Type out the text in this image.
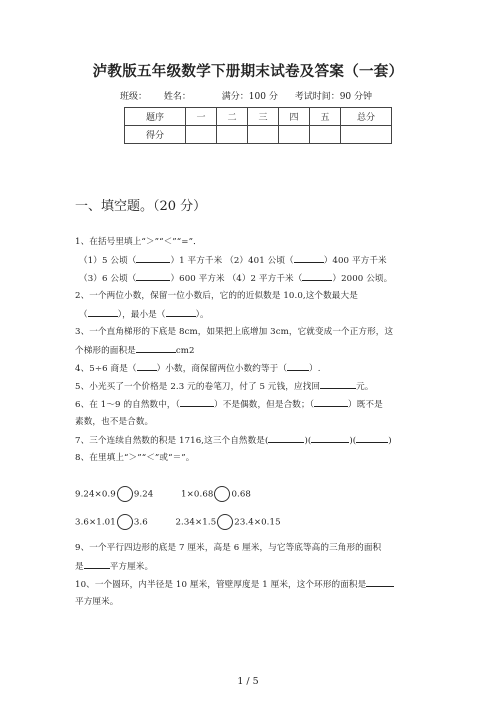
泸教版五年级数学下册期末试卷及答案（一套）
班级： 姓名：	满分：100 分 考试时间：90 分钟
题序	一	二	三	四	五	总分
得分						
一、填空题。（20 分）
1、在括号里填上“＞”“＜”“=”．
（1）5 公顷（	）1 平方千米 （2）401 公顷（	）400 平方千米
（3）6 公顷（	）600 平方米 （4）2 平方千米（	）2000 公顷。
2、一个两位小数，保留一位小数后，它的的近似数是 10.0,这个数最大是
（	），最小是（	）。
3、一个直角梯形的下底是 8cm，如果把上底增加 3cm，它就变成一个正方形，这
个梯形的面积是	cm2
4、5÷6 商是（ ）小数，商保留两位小数约等于（	）.
5、小光买了一个价格是 2.3 元的卷笔刀，付了 5 元钱，应找回	元。
6、在 1～9 的自然数中，（	）不是偶数，但是合数；（	）既不是
素数，也不是合数。
7、三个连续自然数的积是 1716,这三个自然数是(	)(	)(	)
8、在里填上“＞”“＜”或“＝”。
9.24×0.9 9.24	1×0.68 0.68
3.6×1.01 3.6	2.34×1.5 23.4×0.15
9、一个平行四边形的底是 7 厘米，高是 6 厘米，与它等底等高的三角形的面积
是	平方厘米。
10、一个圆环，内半径是 10 厘米，管壁厚度是 1 厘米，这个环形的面积是
平方厘米。
1 / 5
